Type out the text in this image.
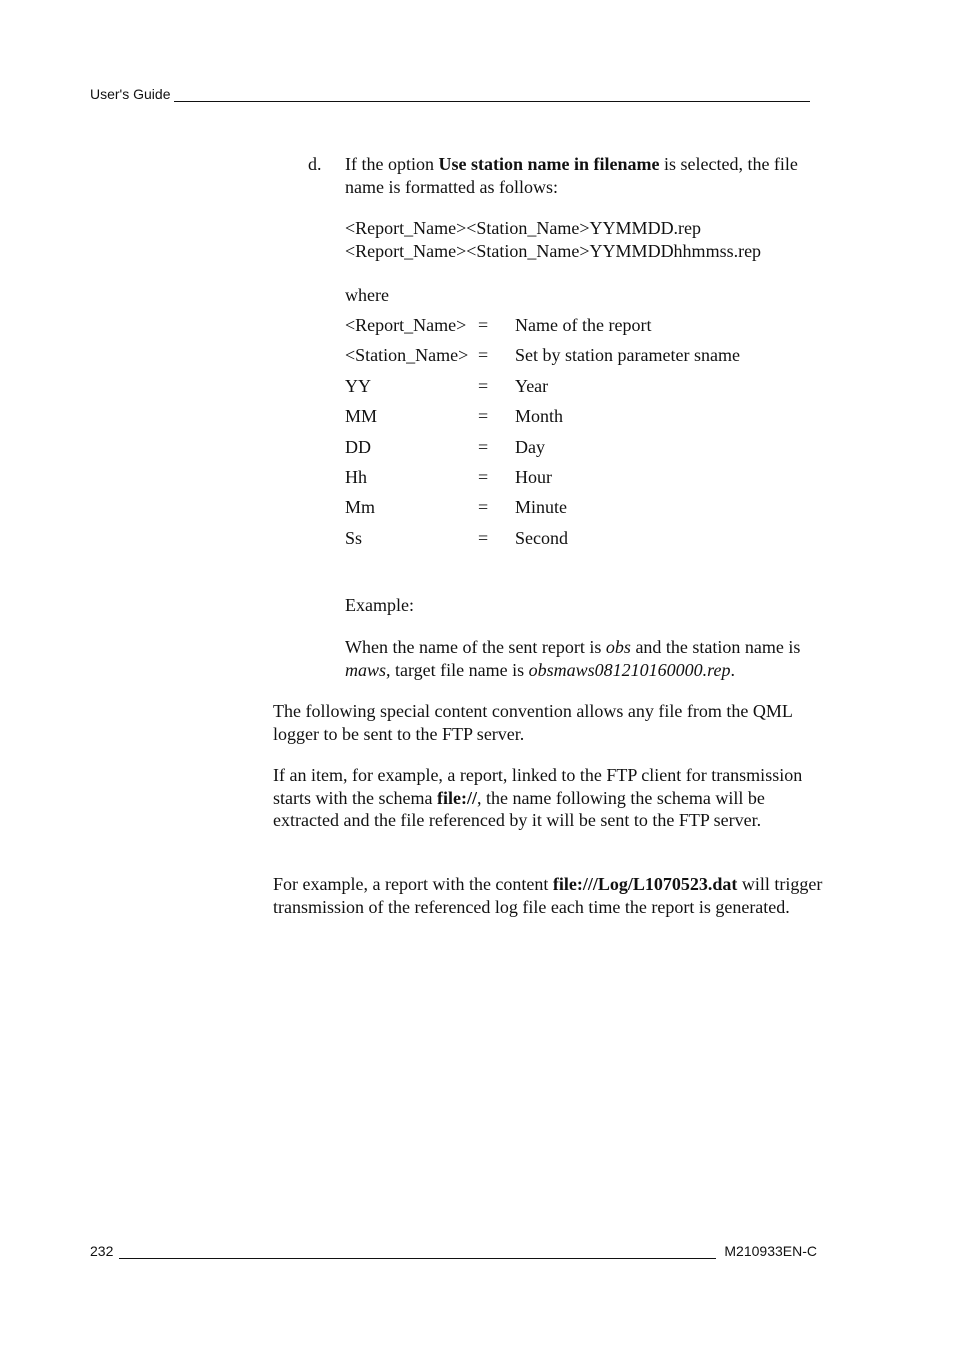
User's Guide
d. If the option Use station name in filename is selected, the file name is formatted as follows:
<Report_Name><Station_Name>YYMMDD.rep
<Report_Name><Station_Name>YYMMDDhhmmss.rep
where
<Report_Name>	=	Name of the report
<Station_Name>	=	Set by station parameter sname
YY	=	Year
MM	=	Month
DD	=	Day
Hh	=	Hour
Mm	=	Minute
Ss	=	Second
Example:
When the name of the sent report is obs and the station name is maws, target file name is obsmaws081210160000.rep.
The following special content convention allows any file from the QML logger to be sent to the FTP server.
If an item, for example, a report, linked to the FTP client for transmission starts with the schema file://, the name following the schema will be extracted and the file referenced by it will be sent to the FTP server.
For example, a report with the content file:///Log/L1070523.dat will trigger transmission of the referenced log file each time the report is generated.
232	M210933EN-C
